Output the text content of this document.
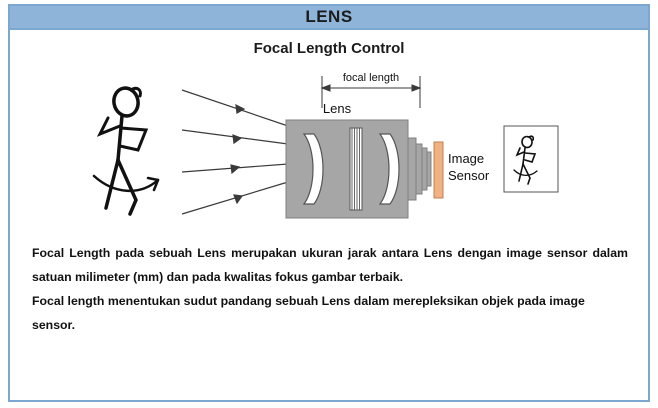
LENS
Focal Length Control
focal length
Lens
Image
Sensor

Focal Length pada sebuah Lens merupakan ukuran jarak antara Lens dengan image sensor dalam satuan milimeter (mm) dan pada kwalitas fokus gambar terbaik.

Focal length menentukan sudut pandang sebuah Lens dalam merepleksikan objek pada image sensor.
